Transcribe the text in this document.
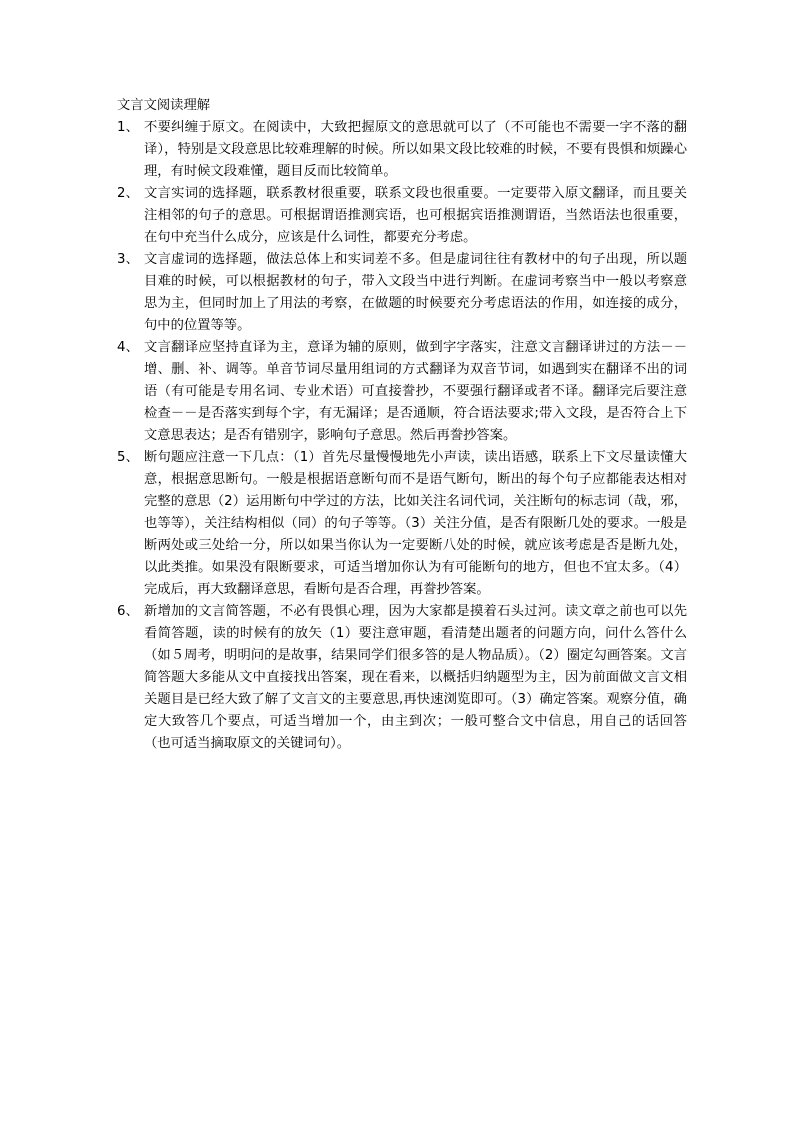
文言文阅读理解
1、 不要纠缠于原文。在阅读中，大致把握原文的意思就可以了（不可能也不需要一字不落的翻译），特别是文段意思比较难理解的时候。所以如果文段比较难的时候，不要有畏惧和烦躁心理，有时候文段难懂，题目反而比较简单。
2、 文言实词的选择题，联系教材很重要，联系文段也很重要。一定要带入原文翻译，而且要关注相邻的句子的意思。可根据谓语推测宾语，也可根据宾语推测谓语，当然语法也很重要，在句中充当什么成分，应该是什么词性，都要充分考虑。
3、 文言虚词的选择题，做法总体上和实词差不多。但是虚词往往有教材中的句子出现，所以题目难的时候，可以根据教材的句子，带入文段当中进行判断。在虚词考察当中一般以考察意思为主，但同时加上了用法的考察，在做题的时候要充分考虑语法的作用，如连接的成分，句中的位置等等。
4、 文言翻译应坚持直译为主，意译为辅的原则，做到字字落实，注意文言翻译讲过的方法－－增、删、补、调等。单音节词尽量用组词的方式翻译为双音节词，如遇到实在翻译不出的词语（有可能是专用名词、专业术语）可直接誊抄，不要强行翻译或者不译。翻译完后要注意检查－－是否落实到每个字，有无漏译；是否通顺，符合语法要求;带入文段，是否符合上下文意思表达；是否有错别字，影响句子意思。然后再誊抄答案。
5、 断句题应注意一下几点：（1）首先尽量慢慢地先小声读，读出语感，联系上下文尽量读懂大意，根据意思断句。一般是根据语意断句而不是语气断句，断出的每个句子应都能表达相对完整的意思（2）运用断句中学过的方法，比如关注名词代词，关注断句的标志词（哉，邪，也等等），关注结构相似（同）的句子等等。（3）关注分值，是否有限断几处的要求。一般是断两处或三处给一分，所以如果当你认为一定要断八处的时候，就应该考虑是否是断九处，以此类推。如果没有限断要求，可适当增加你认为有可能断句的地方，但也不宜太多。（4）完成后，再大致翻译意思，看断句是否合理，再誊抄答案。
6、 新增加的文言简答题，不必有畏惧心理，因为大家都是摸着石头过河。读文章之前也可以先看简答题，读的时候有的放矢（1）要注意审题，看清楚出题者的问题方向，问什么答什么（如５周考，明明问的是故事，结果同学们很多答的是人物品质）。（2）圈定勾画答案。文言简答题大多能从文中直接找出答案，现在看来，以概括归纳题型为主，因为前面做文言文相关题目是已经大致了解了文言文的主要意思,再快速浏览即可。（3）确定答案。观察分值，确定大致答几个要点，可适当增加一个，由主到次；一般可整合文中信息，用自己的话回答（也可适当摘取原文的关键词句）。
